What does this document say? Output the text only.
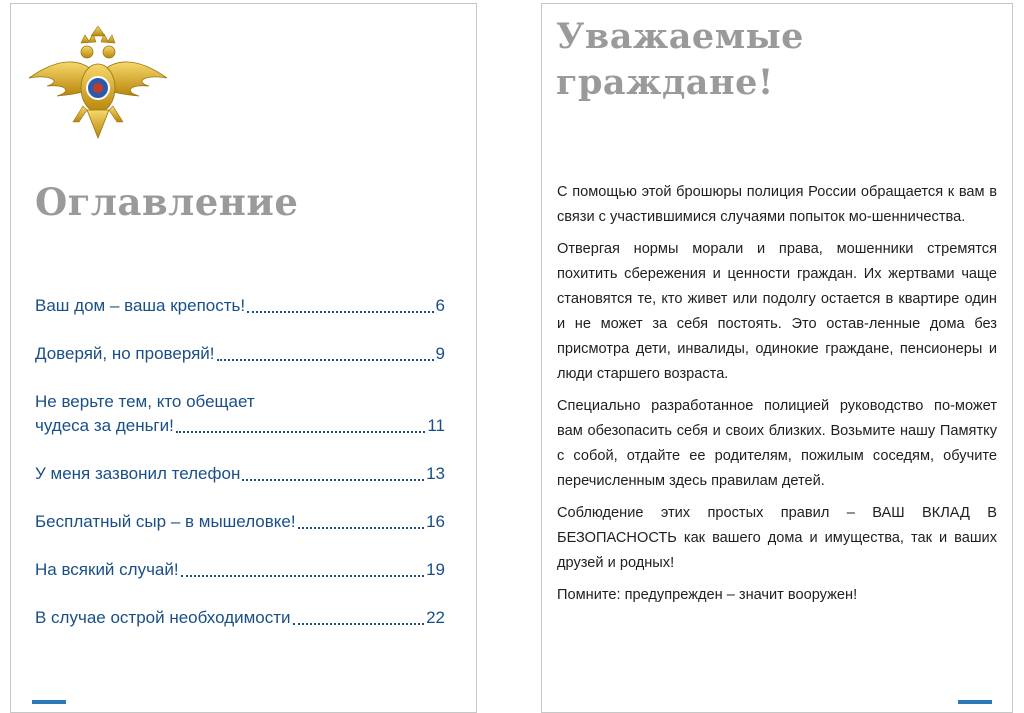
Оглавление
Ваш дом – ваша крепость!	6
Доверяй, но проверяй!	9
Не верьте тем, кто обещает
чудеса за деньги!	11
У меня зазвонил телефон	13
Бесплатный сыр – в мышеловке!	16
На всякий случай!	19
В случае острой необходимости	22
Уважаемые
граждане!

С помощью этой брошюры полиция России обращается к вам в связи с участившимися случаями попыток мо-шенничества.

Отвергая нормы морали и права, мошенники стремятся похитить сбережения и ценности граждан. Их жертвами чаще становятся те, кто живет или подолгу остается в квартире один и не может за себя постоять. Это остав-ленные дома без присмотра дети, инвалиды, одинокие граждане, пенсионеры и люди старшего возраста.

Специально разработанное полицией руководство по-может вам обезопасить себя и своих близких. Возьмите нашу Памятку с собой, отдайте ее родителям, пожилым соседям, обучите перечисленным здесь правилам детей.

Соблюдение этих простых правил – ВАШ ВКЛАД В БЕЗОПАСНОСТЬ как вашего дома и имущества, так и ваших друзей и родных!

Помните: предупрежден – значит вооружен!
